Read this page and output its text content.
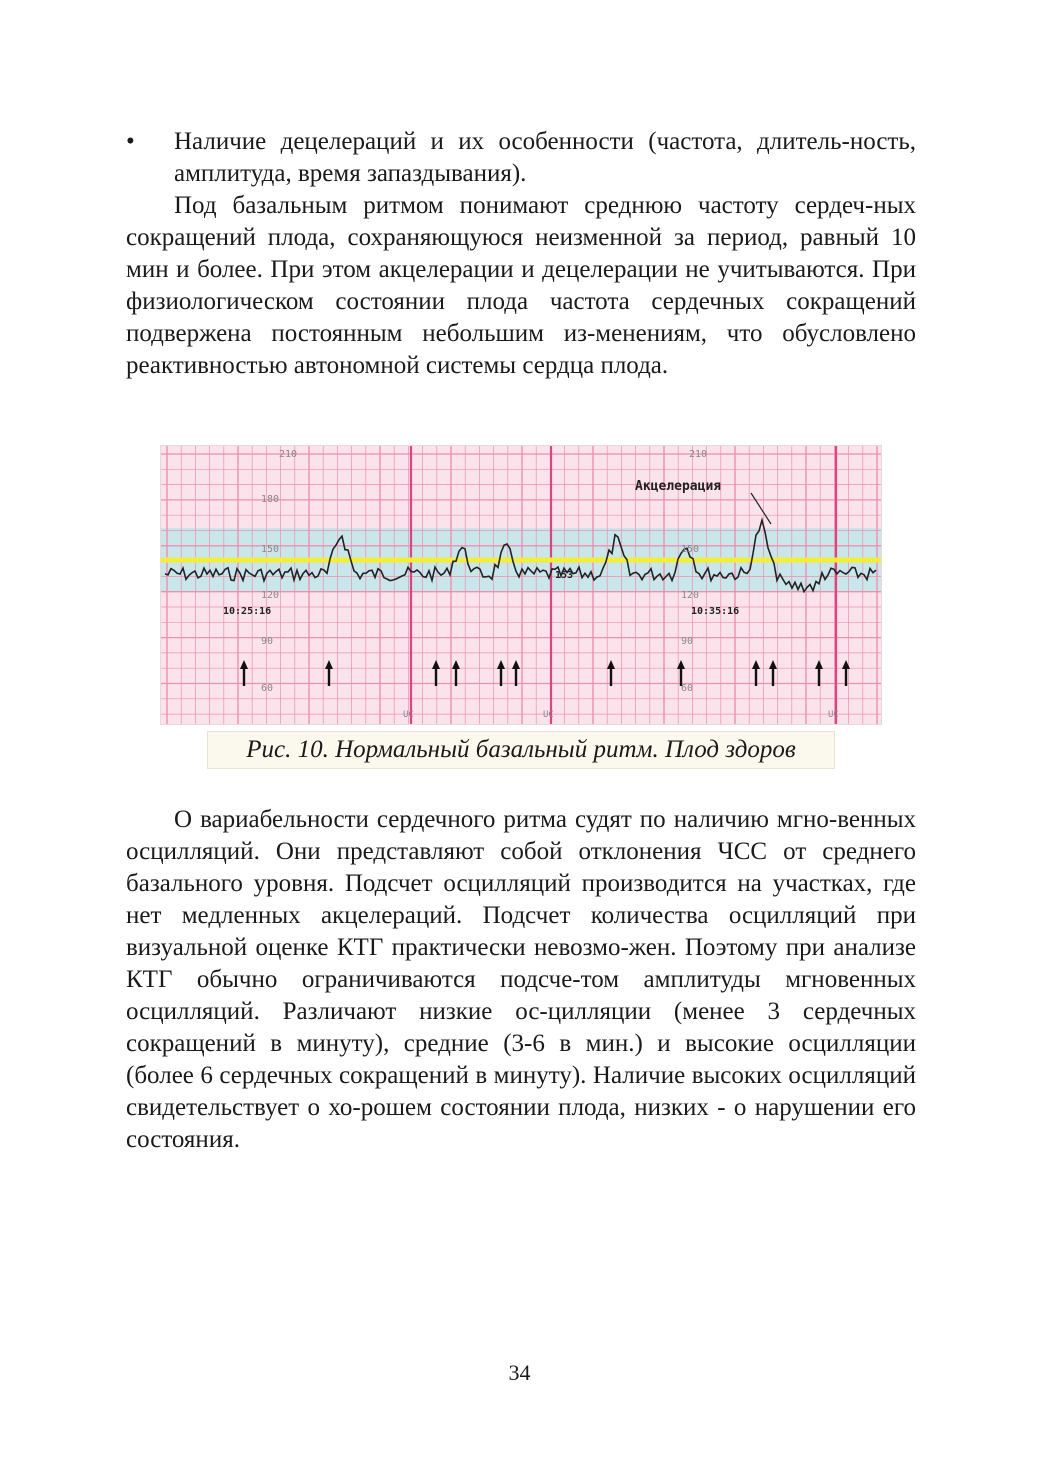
• Наличие децелераций и их особенности (частота, длитель-ность, амплитуда, время запаздывания).

Под базальным ритмом понимают среднюю частоту сердеч-ных сокращений плода, сохраняющуюся неизменной за период, равный 10 мин и более. При этом акцелерации и децелерации не учитываются. При физиологическом состоянии плода частота сердечных сокращений подвержена постоянным небольшим из-менениям, что обусловлено реактивностью автономной системы сердца плода.

210
180
150
120
90
60
210
150
120
90
60
10:25:16	10:35:16
153
Акцелерация
UC	UC	UC
Рис. 10. Нормальный базальный ритм. Плод здоров

О вариабельности сердечного ритма судят по наличию мгно-венных осцилляций. Они представляют собой отклонения ЧСС от среднего базального уровня. Подсчет осцилляций производится на участках, где нет медленных акцелераций. Подсчет количества осцилляций при визуальной оценке КТГ практически невозмо-жен. Поэтому при анализе КТГ обычно ограничиваются подсче-том амплитуды мгновенных осцилляций. Различают низкие ос-цилляции (менее 3 сердечных сокращений в минуту), средние (3-6 в мин.) и высокие осцилляции (более 6 сердечных сокращений в минуту). Наличие высоких осцилляций свидетельствует о хо-рошем состоянии плода, низких - о нарушении его состояния.

34
